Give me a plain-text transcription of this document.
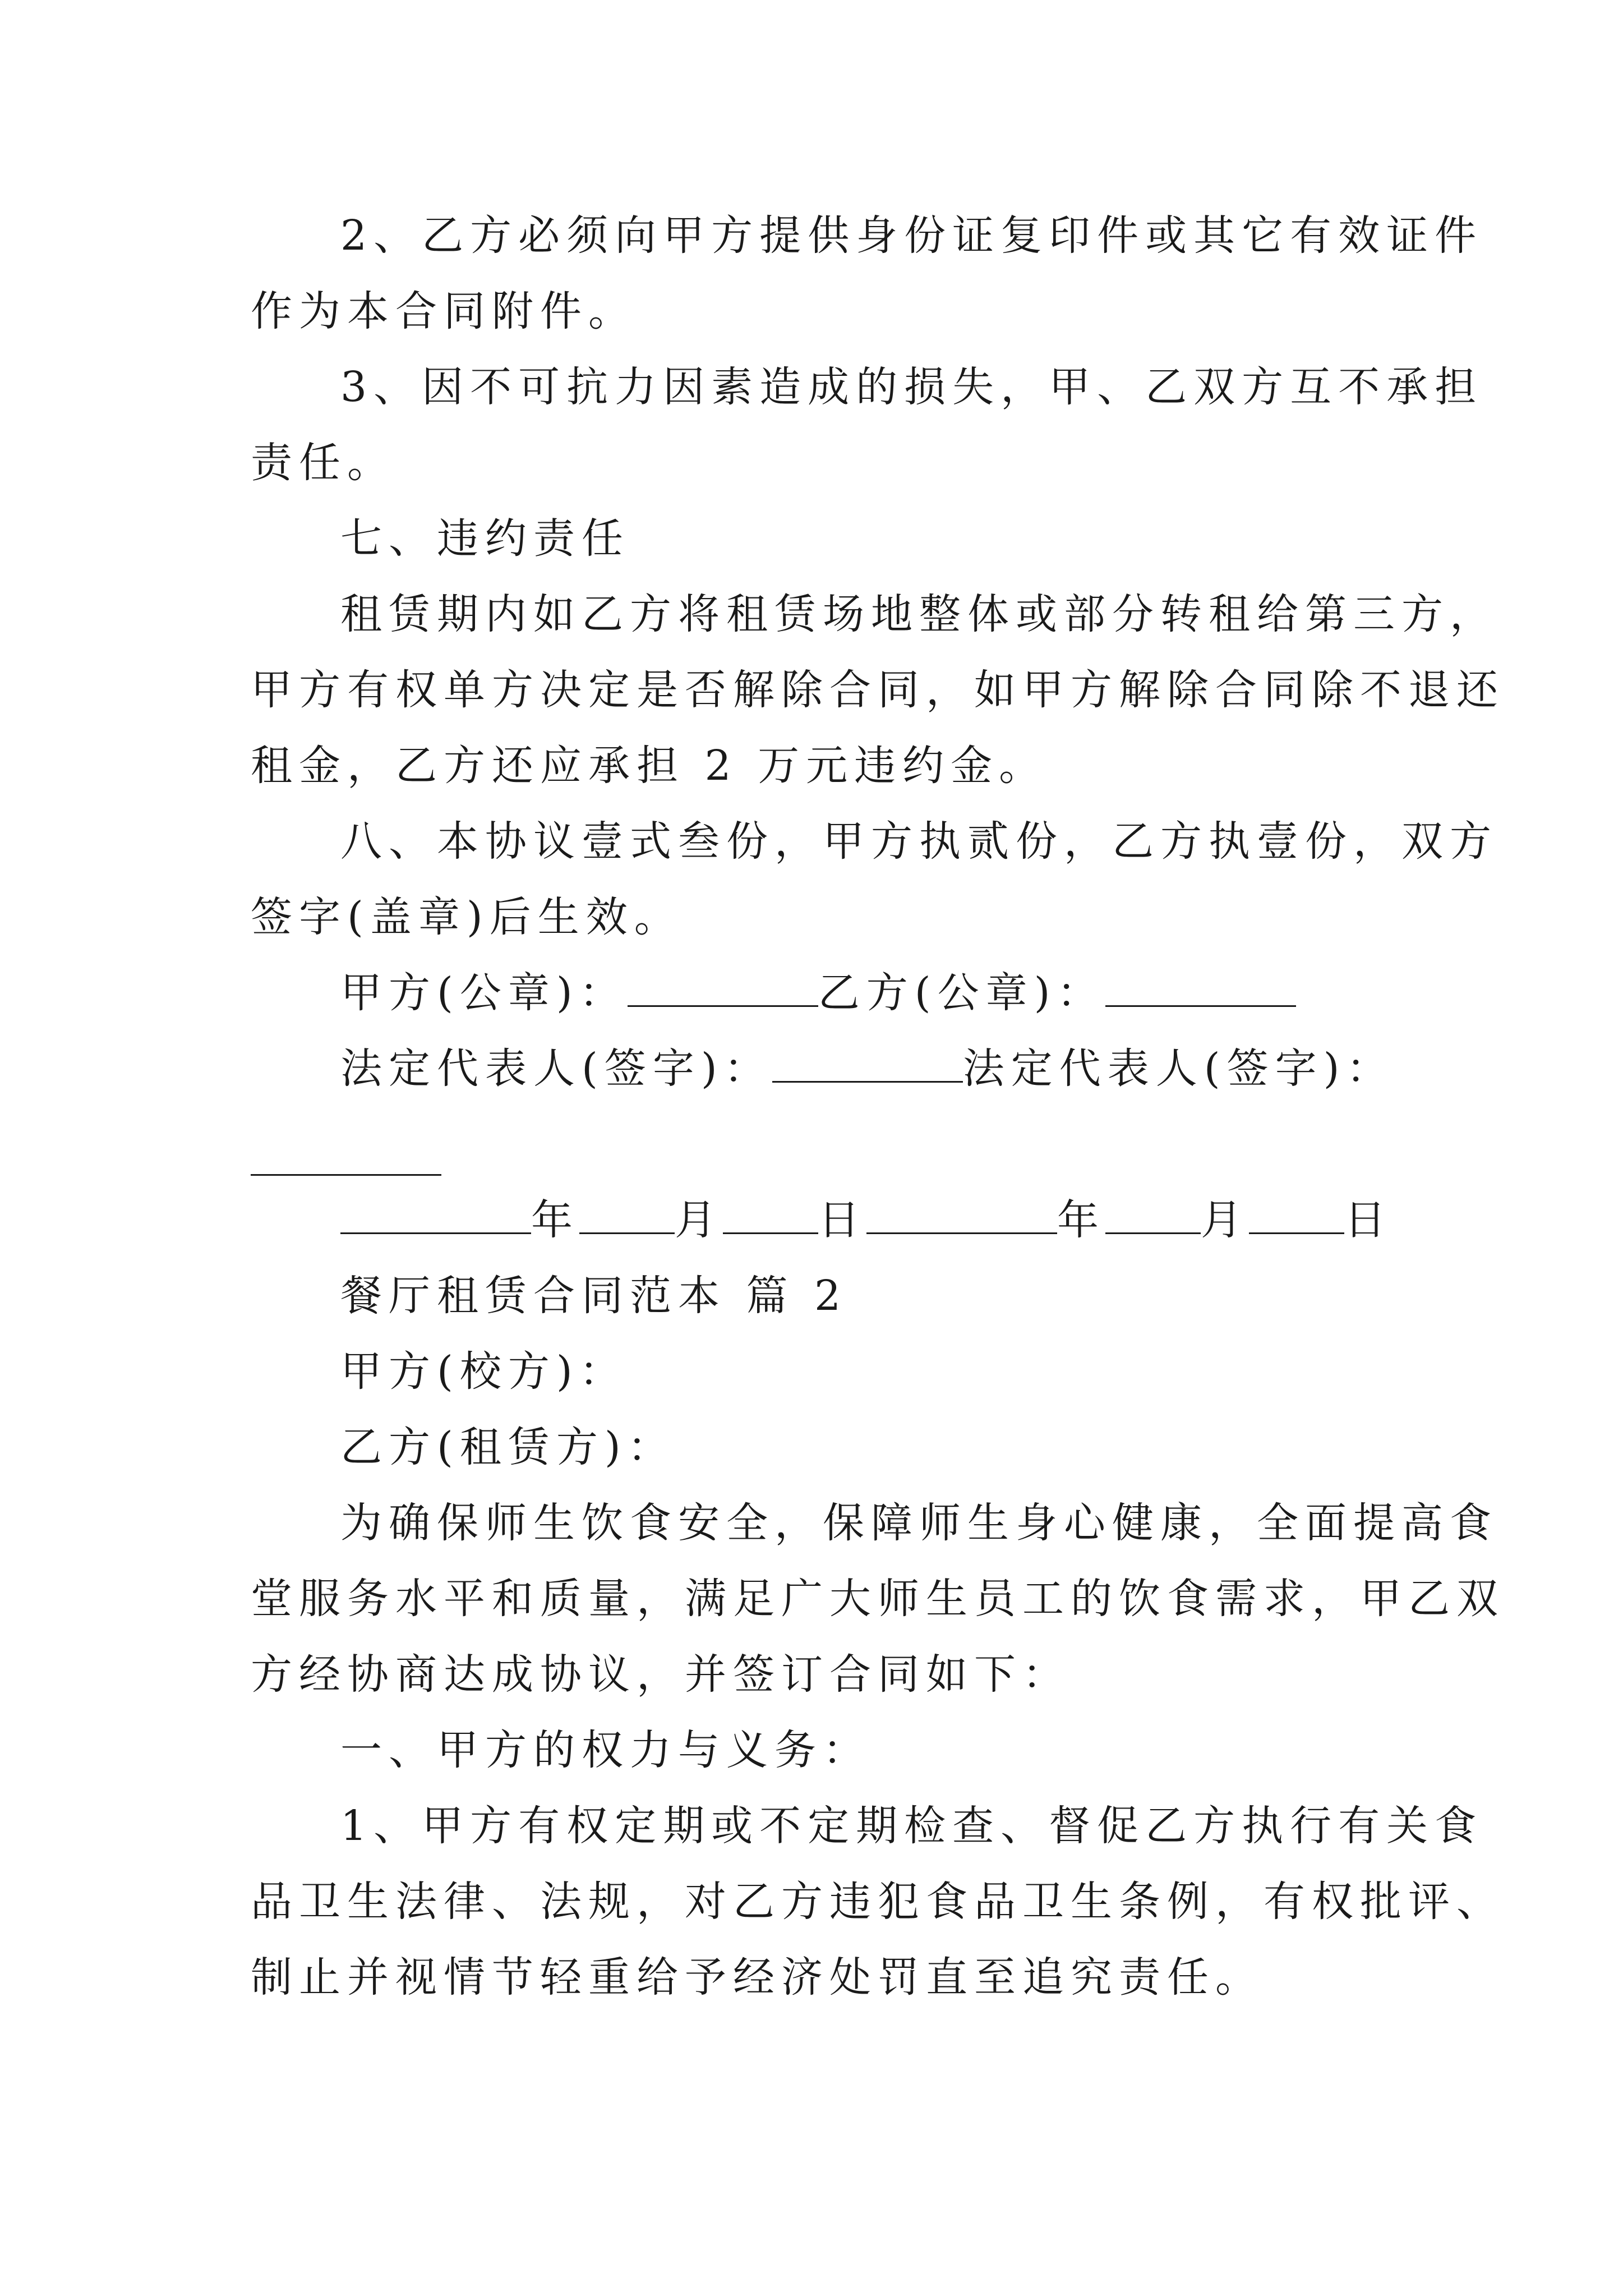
2、乙方必须向甲方提供身份证复印件或其它有效证件

作为本合同附件。

3、因不可抗力因素造成的损失，甲、乙双方互不承担

责任。

七、违约责任

租赁期内如乙方将租赁场地整体或部分转租给第三方，

甲方有权单方决定是否解除合同，如甲方解除合同除不退还

租金，乙方还应承担 2 万元违约金。

八、本协议壹式叁份，甲方执贰份，乙方执壹份，双方

签字(盖章)后生效。

甲方(公章)：	乙方(公章)：

法定代表人(签字)：	法定代表人(签字)：

年 月 日	年 月 日

餐厅租赁合同范本 篇 2

甲方(校方)：

乙方(租赁方)：

为确保师生饮食安全，保障师生身心健康，全面提高食

堂服务水平和质量，满足广大师生员工的饮食需求，甲乙双

方经协商达成协议，并签订合同如下：

一、甲方的权力与义务：

1、甲方有权定期或不定期检查、督促乙方执行有关食

品卫生法律、法规，对乙方违犯食品卫生条例，有权批评、

制止并视情节轻重给予经济处罚直至追究责任。
